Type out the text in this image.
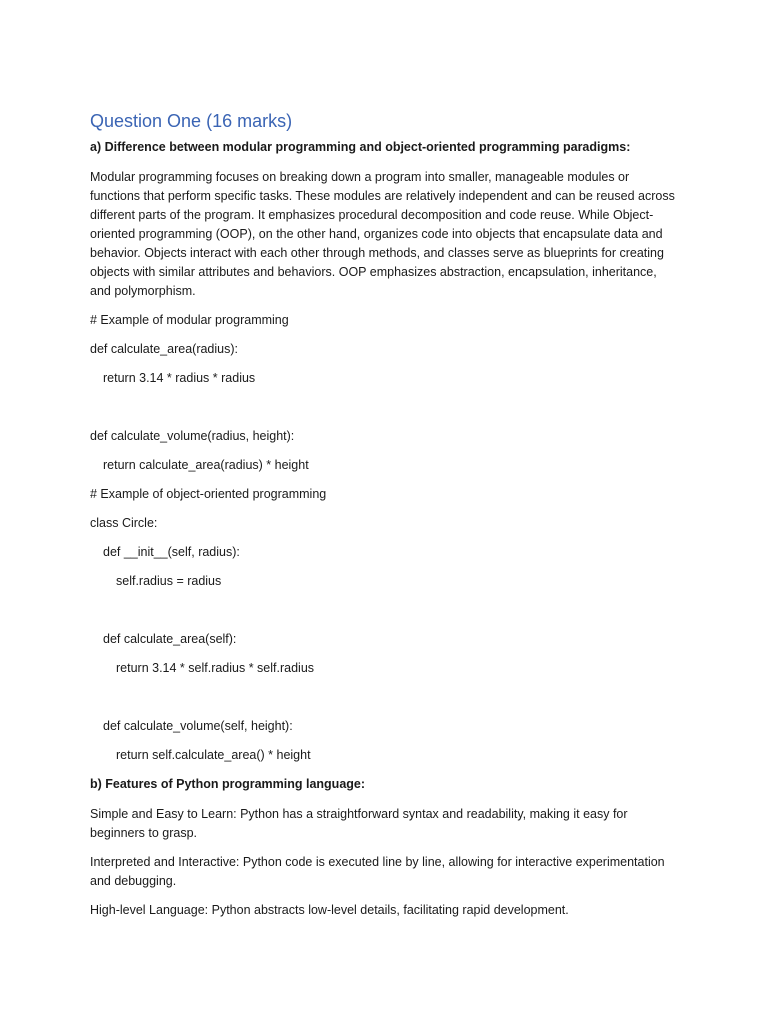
Question One (16 marks)
a) Difference between modular programming and object-oriented programming paradigms:

Modular programming focuses on breaking down a program into smaller, manageable modules or functions that perform specific tasks. These modules are relatively independent and can be reused across different parts of the program. It emphasizes procedural decomposition and code reuse. While Object-oriented programming (OOP), on the other hand, organizes code into objects that encapsulate data and behavior. Objects interact with each other through methods, and classes serve as blueprints for creating objects with similar attributes and behaviors. OOP emphasizes abstraction, encapsulation, inheritance, and polymorphism.

# Example of modular programming
def calculate_area(radius):
return 3.14 * radius * radius
def calculate_volume(radius, height):
return calculate_area(radius) * height
# Example of object-oriented programming
class Circle:
def __init__(self, radius):
self.radius = radius
def calculate_area(self):
return 3.14 * self.radius * self.radius
def calculate_volume(self, height):
return self.calculate_area() * height
b) Features of Python programming language:

Simple and Easy to Learn: Python has a straightforward syntax and readability, making it easy for beginners to grasp.

Interpreted and Interactive: Python code is executed line by line, allowing for interactive experimentation and debugging.

High-level Language: Python abstracts low-level details, facilitating rapid development.
